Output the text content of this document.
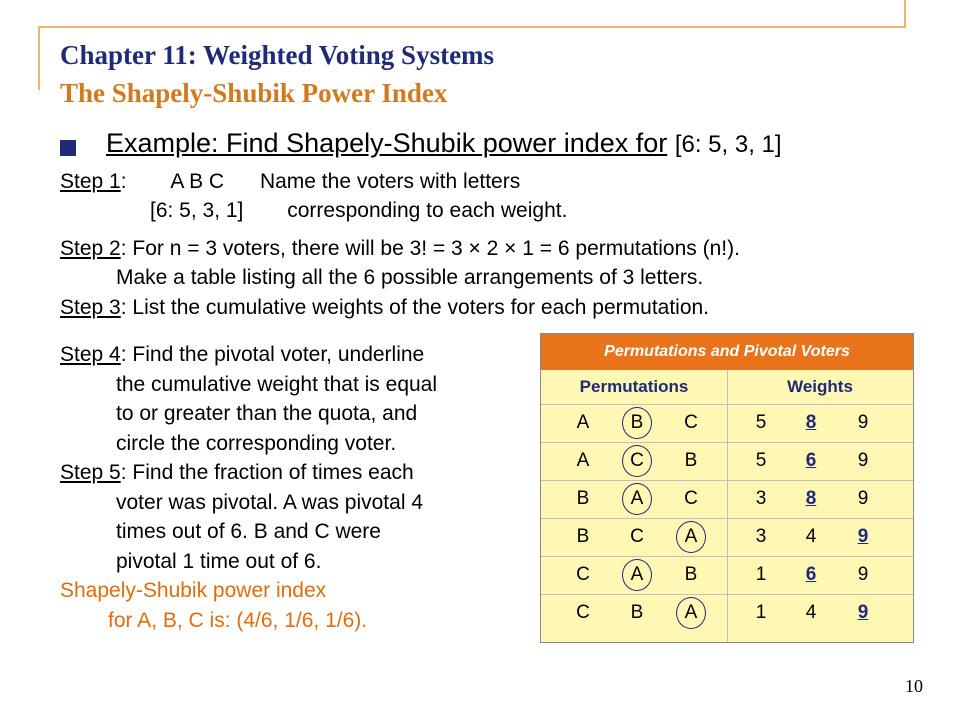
Chapter 11: Weighted Voting Systems
The Shapely-Shubik Power Index
Example: Find Shapely-Shubik power index for [6: 5, 3, 1]
Step 1: A B C Name the voters with letters
[6: 5, 3, 1] corresponding to each weight.
Step 2: For n = 3 voters, there will be 3! = 3 × 2 × 1 = 6 permutations (n!).
Make a table listing all the 6 possible arrangements of 3 letters.
Step 3: List the cumulative weights of the voters for each permutation.
Step 4: Find the pivotal voter, underline
the cumulative weight that is equal
to or greater than the quota, and
circle the corresponding voter.
Step 5: Find the fraction of times each
voter was pivotal. A was pivotal 4
times out of 6. B and C were
pivotal 1 time out of 6.
Shapely-Shubik power index
for A, B, C is: (4/6, 1/6, 1/6).
Permutations and Pivotal Voters
Permutations	Weights
A	B	C	5	8	9
A	C	B	5	6	9
B	A	C	3	8	9
B	C	A	3	4	9
C	A	B	1	6	9
C	B	A	1	4	9
10
